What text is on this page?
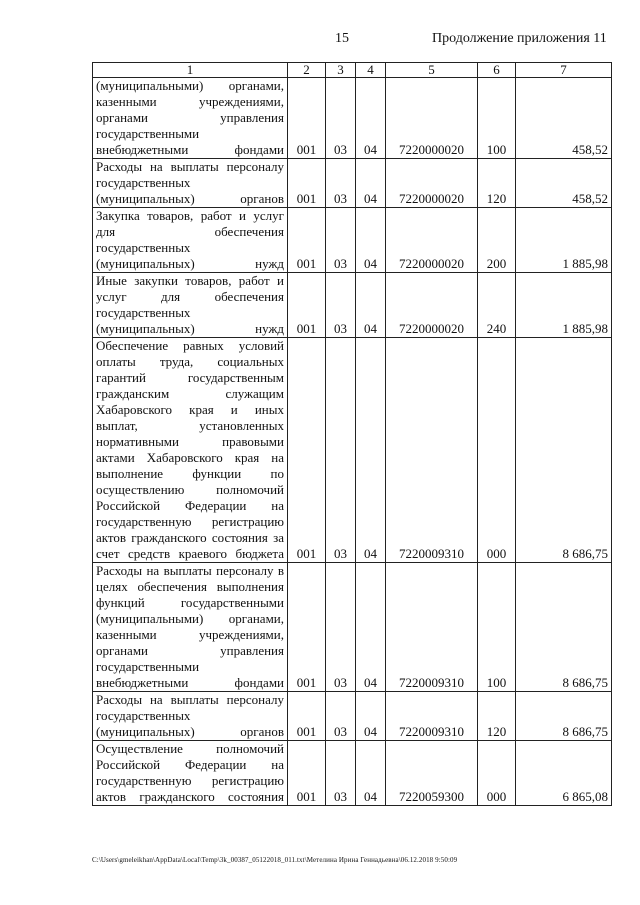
15	Продолжение приложения 11
1	2	3	4	5	6	7
(муниципальными) органами, казенными учреждениями, органами управления государственными внебюджетными фондами	001	03	04	7220000020	100	458,52
Расходы на выплаты персоналу государственных (муниципальных) органов	001	03	04	7220000020	120	458,52
Закупка товаров, работ и услуг для обеспечения государственных (муниципальных) нужд	001	03	04	7220000020	200	1 885,98
Иные закупки товаров, работ и услуг для обеспечения государственных (муниципальных) нужд	001	03	04	7220000020	240	1 885,98
Обеспечение равных условий оплаты труда, социальных гарантий государственным гражданским служащим Хабаровского края и иных выплат, установленных нормативными правовыми актами Хабаровского края на выполнение функции по осуществлению полномочий Российской Федерации на государственную регистрацию актов гражданского состояния за счет средств краевого бюджета	001	03	04	7220009310	000	8 686,75
Расходы на выплаты персоналу в целях обеспечения выполнения функций государственными (муниципальными) органами, казенными учреждениями, органами управления государственными внебюджетными фондами	001	03	04	7220009310	100	8 686,75
Расходы на выплаты персоналу государственных (муниципальных) органов	001	03	04	7220009310	120	8 686,75
Осуществление полномочий Российской Федерации на государственную регистрацию актов гражданского состояния	001	03	04	7220059300	000	6 865,08
C:\Users\gmeleikhan\AppData\Local\Temp\3k_00387_05122018_011.txt\Метелина Ирина Геннадьевна\06.12.2018 9:50:09
